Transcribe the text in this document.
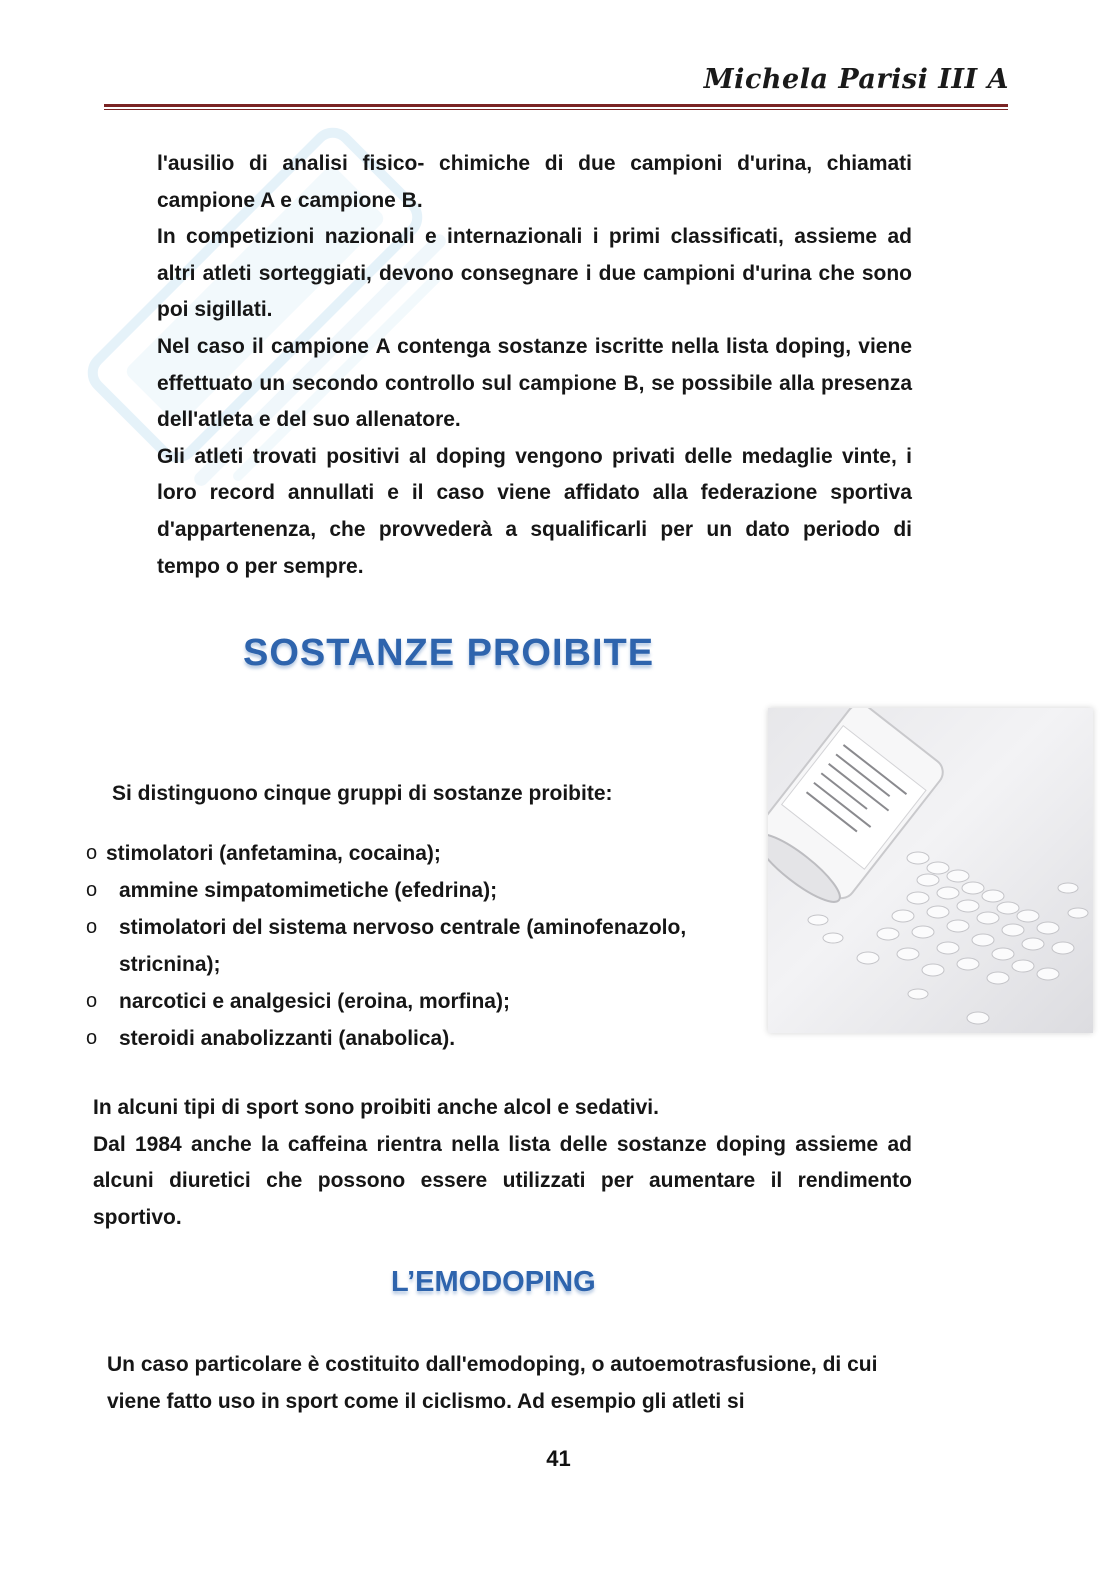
Michela Parisi III A

l'ausilio di analisi fisico- chimiche di due campioni d'urina, chiamati campione A e campione B.

In competizioni nazionali e internazionali i primi classificati, assieme ad altri atleti sorteggiati, devono consegnare i due campioni d'urina che sono poi sigillati.

Nel caso il campione A contenga sostanze iscritte nella lista doping, viene effettuato un secondo controllo sul campione B, se possibile alla presenza dell'atleta e del suo allenatore.

Gli atleti trovati positivi al doping vengono privati delle medaglie vinte, i loro record annullati e il caso viene affidato alla federazione sportiva d'appartenenza, che provvederà a squalificarli per un dato periodo di tempo o per sempre.

SOSTANZE PROIBITE
Si distinguono cinque gruppi di sostanze proibite:
o stimolatori (anfetamina, cocaina);
o ammine simpatomimetiche (efedrina);
o stimolatori del sistema nervoso centrale (aminofenazolo, stricnina);
o narcotici e analgesici (eroina, morfina);
o steroidi anabolizzanti (anabolica).

In alcuni tipi di sport sono proibiti anche alcol e sedativi.

Dal 1984 anche la caffeina rientra nella lista delle sostanze doping assieme ad alcuni diuretici che possono essere utilizzati per aumentare il rendimento sportivo.

L’EMODOPING

Un caso particolare è costituito dall'emodoping, o autoemotrasfusione, di cui viene fatto uso in sport come il ciclismo. Ad esempio gli atleti si

41
